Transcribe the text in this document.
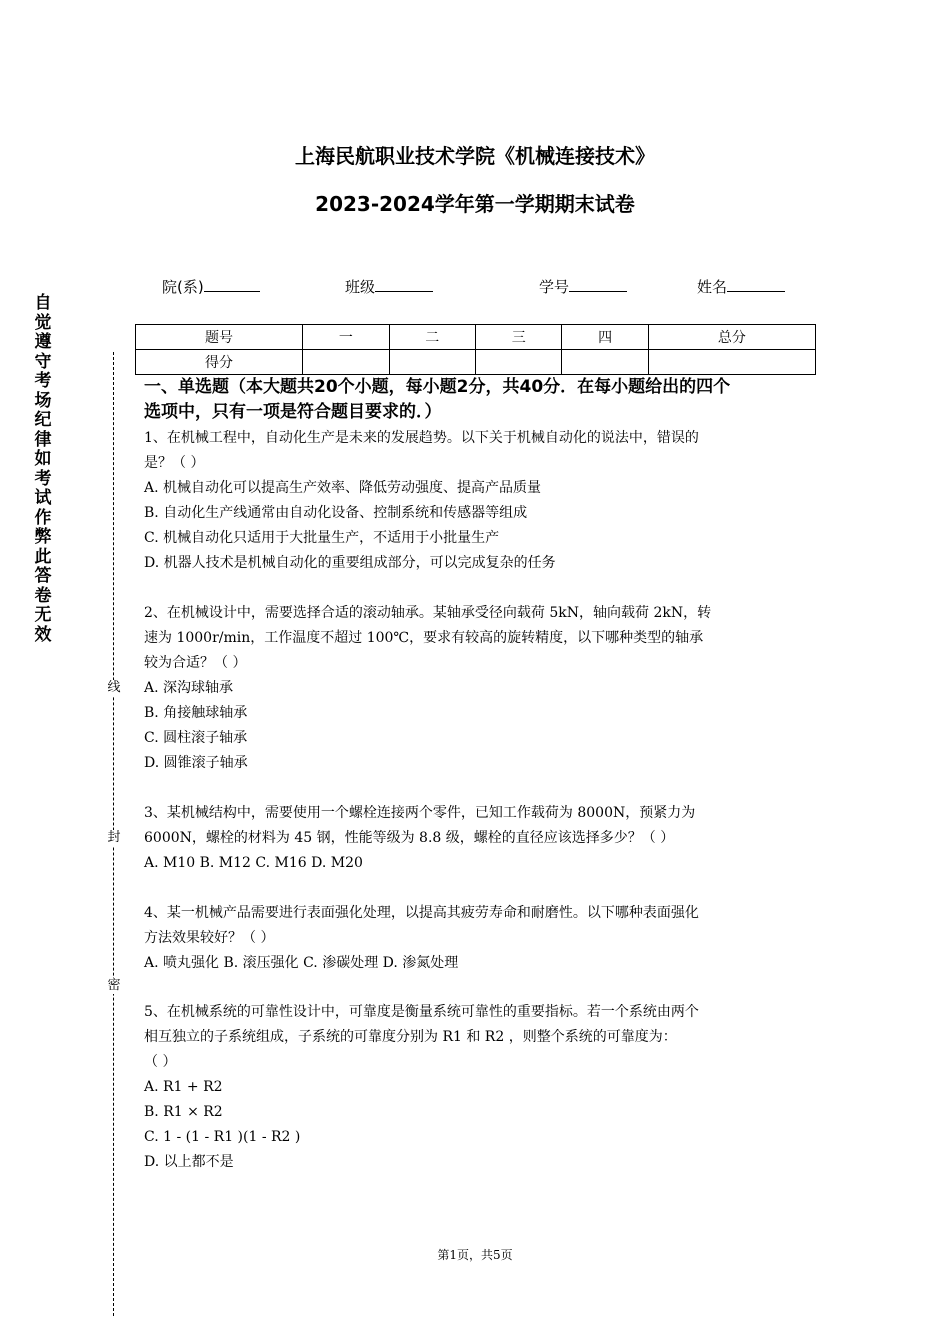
自觉遵守考场纪律如考试作弊此答卷无效
线
封
密
上海民航职业技术学院《机械连接技术》
2023-2024学年第一学期期末试卷
院(系)	班级	学号	姓名
题号	一	二	三	四	总分
得分					
一、单选题（本大题共20个小题，每小题2分，共40分．在每小题给出的四个
选项中，只有一项是符合题目要求的．）
1、在机械工程中，自动化生产是未来的发展趋势。以下关于机械自动化的说法中，错误的
是？（ ）
A. 机械自动化可以提高生产效率、降低劳动强度、提高产品质量
B. 自动化生产线通常由自动化设备、控制系统和传感器等组成
C. 机械自动化只适用于大批量生产，不适用于小批量生产
D. 机器人技术是机械自动化的重要组成部分，可以完成复杂的任务
2、在机械设计中，需要选择合适的滚动轴承。某轴承受径向载荷 5kN，轴向载荷 2kN，转
速为 1000r/min，工作温度不超过 100℃，要求有较高的旋转精度，以下哪种类型的轴承
较为合适？（ ）
A. 深沟球轴承
B. 角接触球轴承
C. 圆柱滚子轴承
D. 圆锥滚子轴承
3、某机械结构中，需要使用一个螺栓连接两个零件，已知工作载荷为 8000N，预紧力为
6000N，螺栓的材料为 45 钢，性能等级为 8.8 级，螺栓的直径应该选择多少？（ ）
A. M10 B. M12 C. M16 D. M20
4、某一机械产品需要进行表面强化处理，以提高其疲劳寿命和耐磨性。以下哪种表面强化
方法效果较好？（ ）
A. 喷丸强化 B. 滚压强化 C. 渗碳处理 D. 渗氮处理
5、在机械系统的可靠性设计中，可靠度是衡量系统可靠性的重要指标。若一个系统由两个
相互独立的子系统组成，子系统的可靠度分别为 R1 和 R2 ，则整个系统的可靠度为：
（ ）
A. R1 + R2
B. R1 × R2
C. 1 - (1 - R1 )(1 - R2 )
D. 以上都不是
第1页，共5页
